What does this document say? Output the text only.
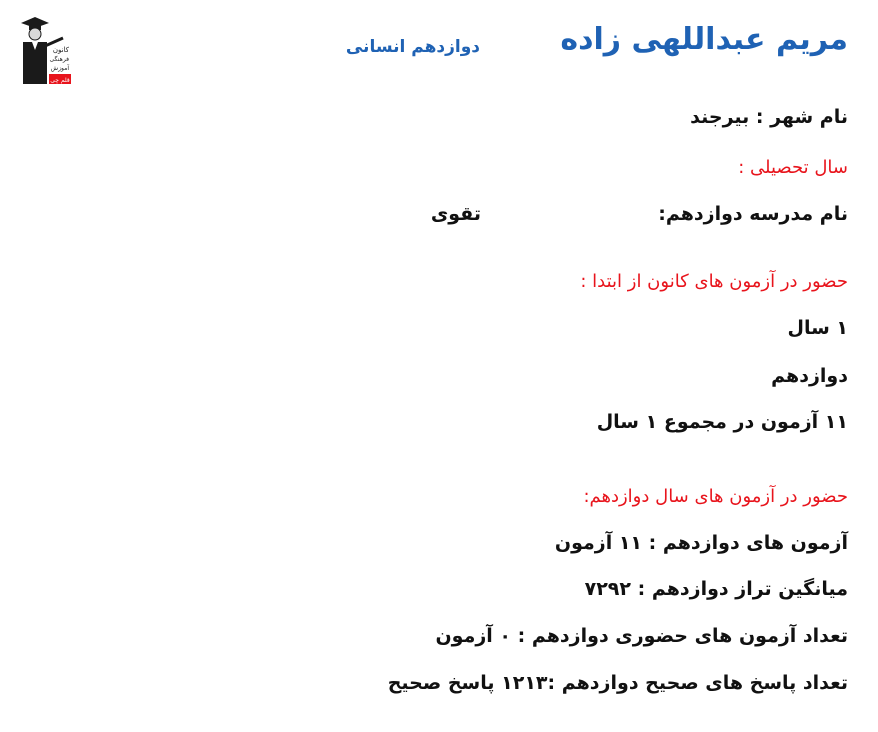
کانون
فرهنگی
آموزش
قلم چی
مریم عبداللهی زاده
دوازدهم انسانی
نام شهر : بیرجند
سال تحصیلی :
نام مدرسه دوازدهم:
تقوی
حضور در آزمون های کانون از ابتدا :
۱ سال
دوازدهم
۱۱ آزمون در مجموع ۱ سال
حضور در آزمون های سال دوازدهم:
آزمون های دوازدهم : ۱۱ آزمون
میانگین تراز دوازدهم : ۷۲۹۲
تعداد آزمون های حضوری دوازدهم : ۰ آزمون
تعداد پاسخ های صحیح دوازدهم :۱۲۱۳ پاسخ صحیح
